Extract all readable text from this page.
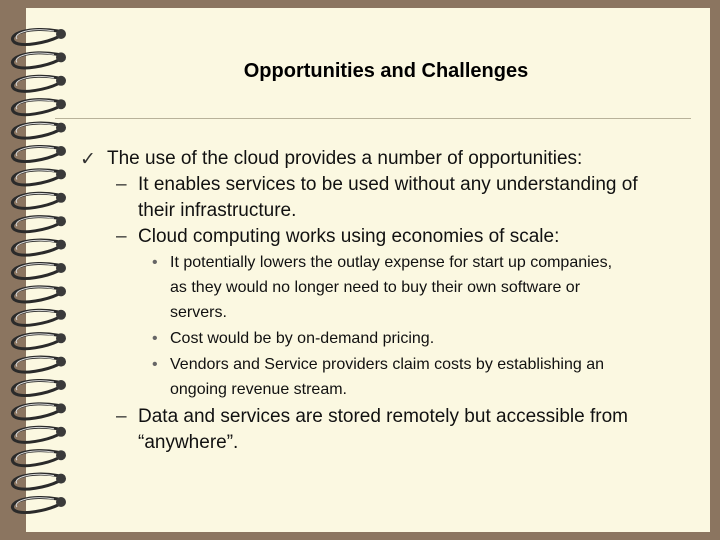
Opportunities and Challenges
✓ The use of the cloud provides a number of opportunities:
– It enables services to be used without any understanding of
their infrastructure.
– Cloud computing works using economies of scale:
• It potentially lowers the outlay expense for start up companies,
as they would no longer need to buy their own software or
servers.
• Cost would be by on-demand pricing.
• Vendors and Service providers claim costs by establishing an
ongoing revenue stream.
– Data and services are stored remotely but accessible from
“anywhere”.
